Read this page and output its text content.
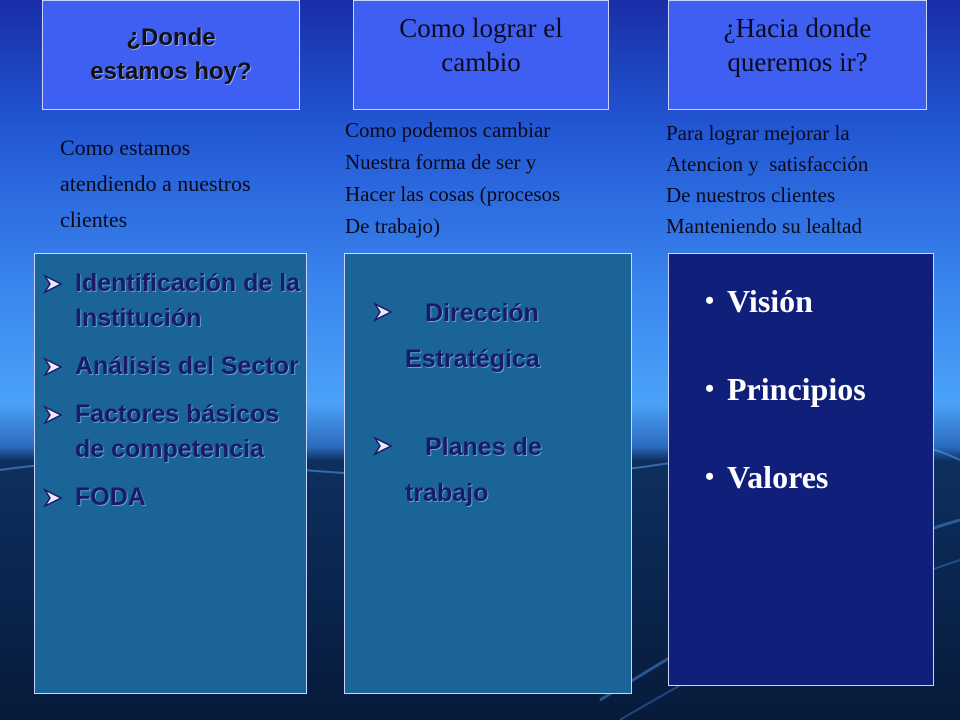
¿Donde
estamos hoy?
Como lograr el
cambio
¿Hacia donde
queremos ir?
Como estamos
atendiendo a nuestros
clientes
Como podemos cambiar
Nuestra forma de ser y
Hacer las cosas (procesos
De trabajo)
Para lograr mejorar la
Atencion y  satisfacción
De nuestros clientes
Manteniendo su lealtad
Identificación de la Institución
Análisis del Sector
Factores básicos de competencia
FODA
Dirección
Estratégica
Planes de
trabajo
• Visión
• Principios
• Valores
